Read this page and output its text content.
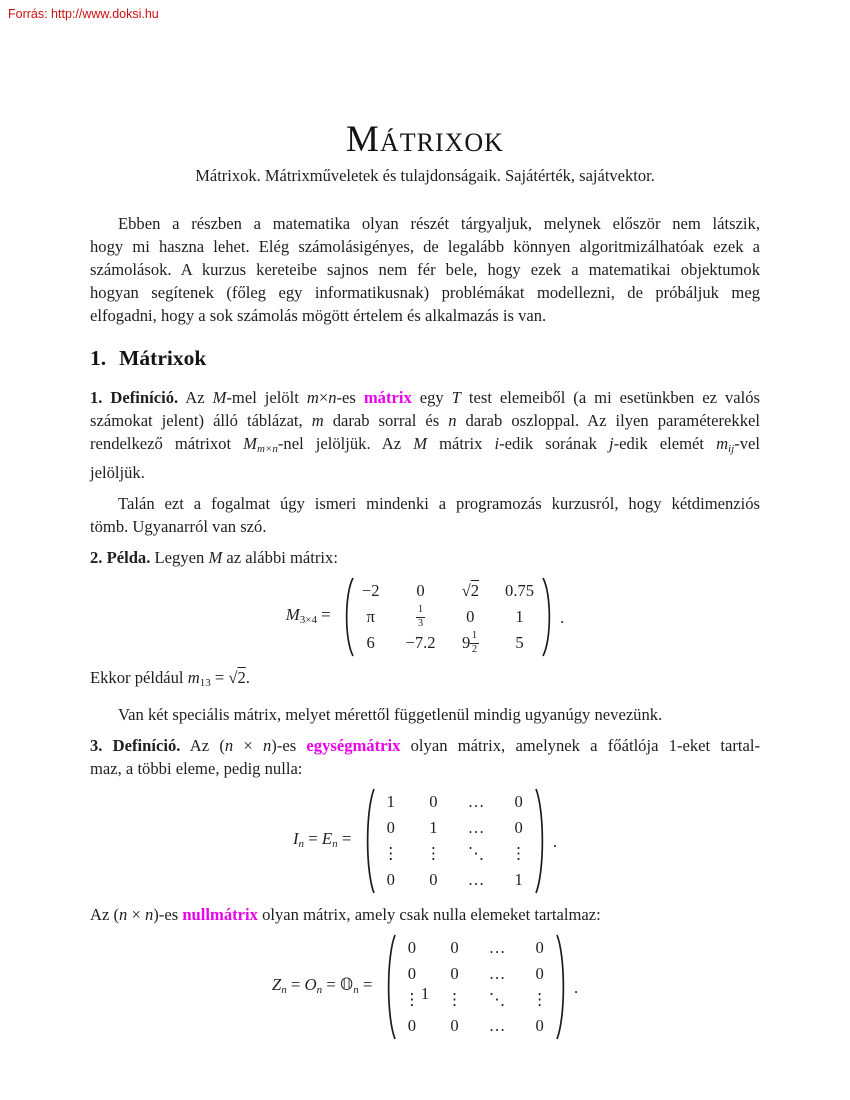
Forrás: http://www.doksi.hu
Mátrixok
Mátrixok. Mátrixműveletek és tulajdonságaik. Sajátérték, sajátvektor.
Ebben a részben a matematika olyan részét tárgyaljuk, melynek először nem látszik,
hogy mi haszna lehet. Elég számolásigényes, de legalább könnyen algoritmizálhatóak ezek a
számolások. A kurzus kereteibe sajnos nem fér bele, hogy ezek a matematikai objektumok
hogyan segítenek (főleg egy informatikusnak) problémákat modellezni, de próbáljuk meg
elfogadni, hogy a sok számolás mögött értelem és alkalmazás is van.
1. Mátrixok
1. Definíció. Az M-mel jelölt m×n-es mátrix egy T test elemeiből (a mi esetünkben ez valós
számokat jelent) álló táblázat, m darab sorral és n darab oszloppal. Az ilyen paraméterekkel
rendelkező mátrixot Mm×n-nel jelöljük. Az M mátrix i-edik sorának j-edik elemét mij-vel
jelöljük.
Talán ezt a fogalmat úgy ismeri mindenki a programozás kurzusról, hogy kétdimenziós
tömb. Ugyanarról van szó.
2. Példa. Legyen M az alábbi mátrix:
M3×4 =
−2 0 √ 2 0.75
π	$\frac{1}{3} 0$ 1
6 −7.2 $9 \frac{1}{2} 5$
.
Ekkor például m13 = √2.
Van két speciális mátrix, melyet mérettől függetlenül mindig ugyanúgy nevezünk.
3. Definíció. Az (n × n)-es egységmátrix olyan mátrix, amelynek a főátlója 1-eket tartal-
maz, a többi eleme, pedig nulla:
In = En =
1 0 … 0
0 1 … 0
⋮ ⋮ ⋱ ⋮
0 0 … 1
.
Az (n × n)-es nullmátrix olyan mátrix, amely csak nulla elemeket tartalmaz:
Zn = On = 𝕆n =
0 0 … 0
0 0 … 0
⋮ ⋮ ⋱ ⋮
0 0 … 0
.
1
